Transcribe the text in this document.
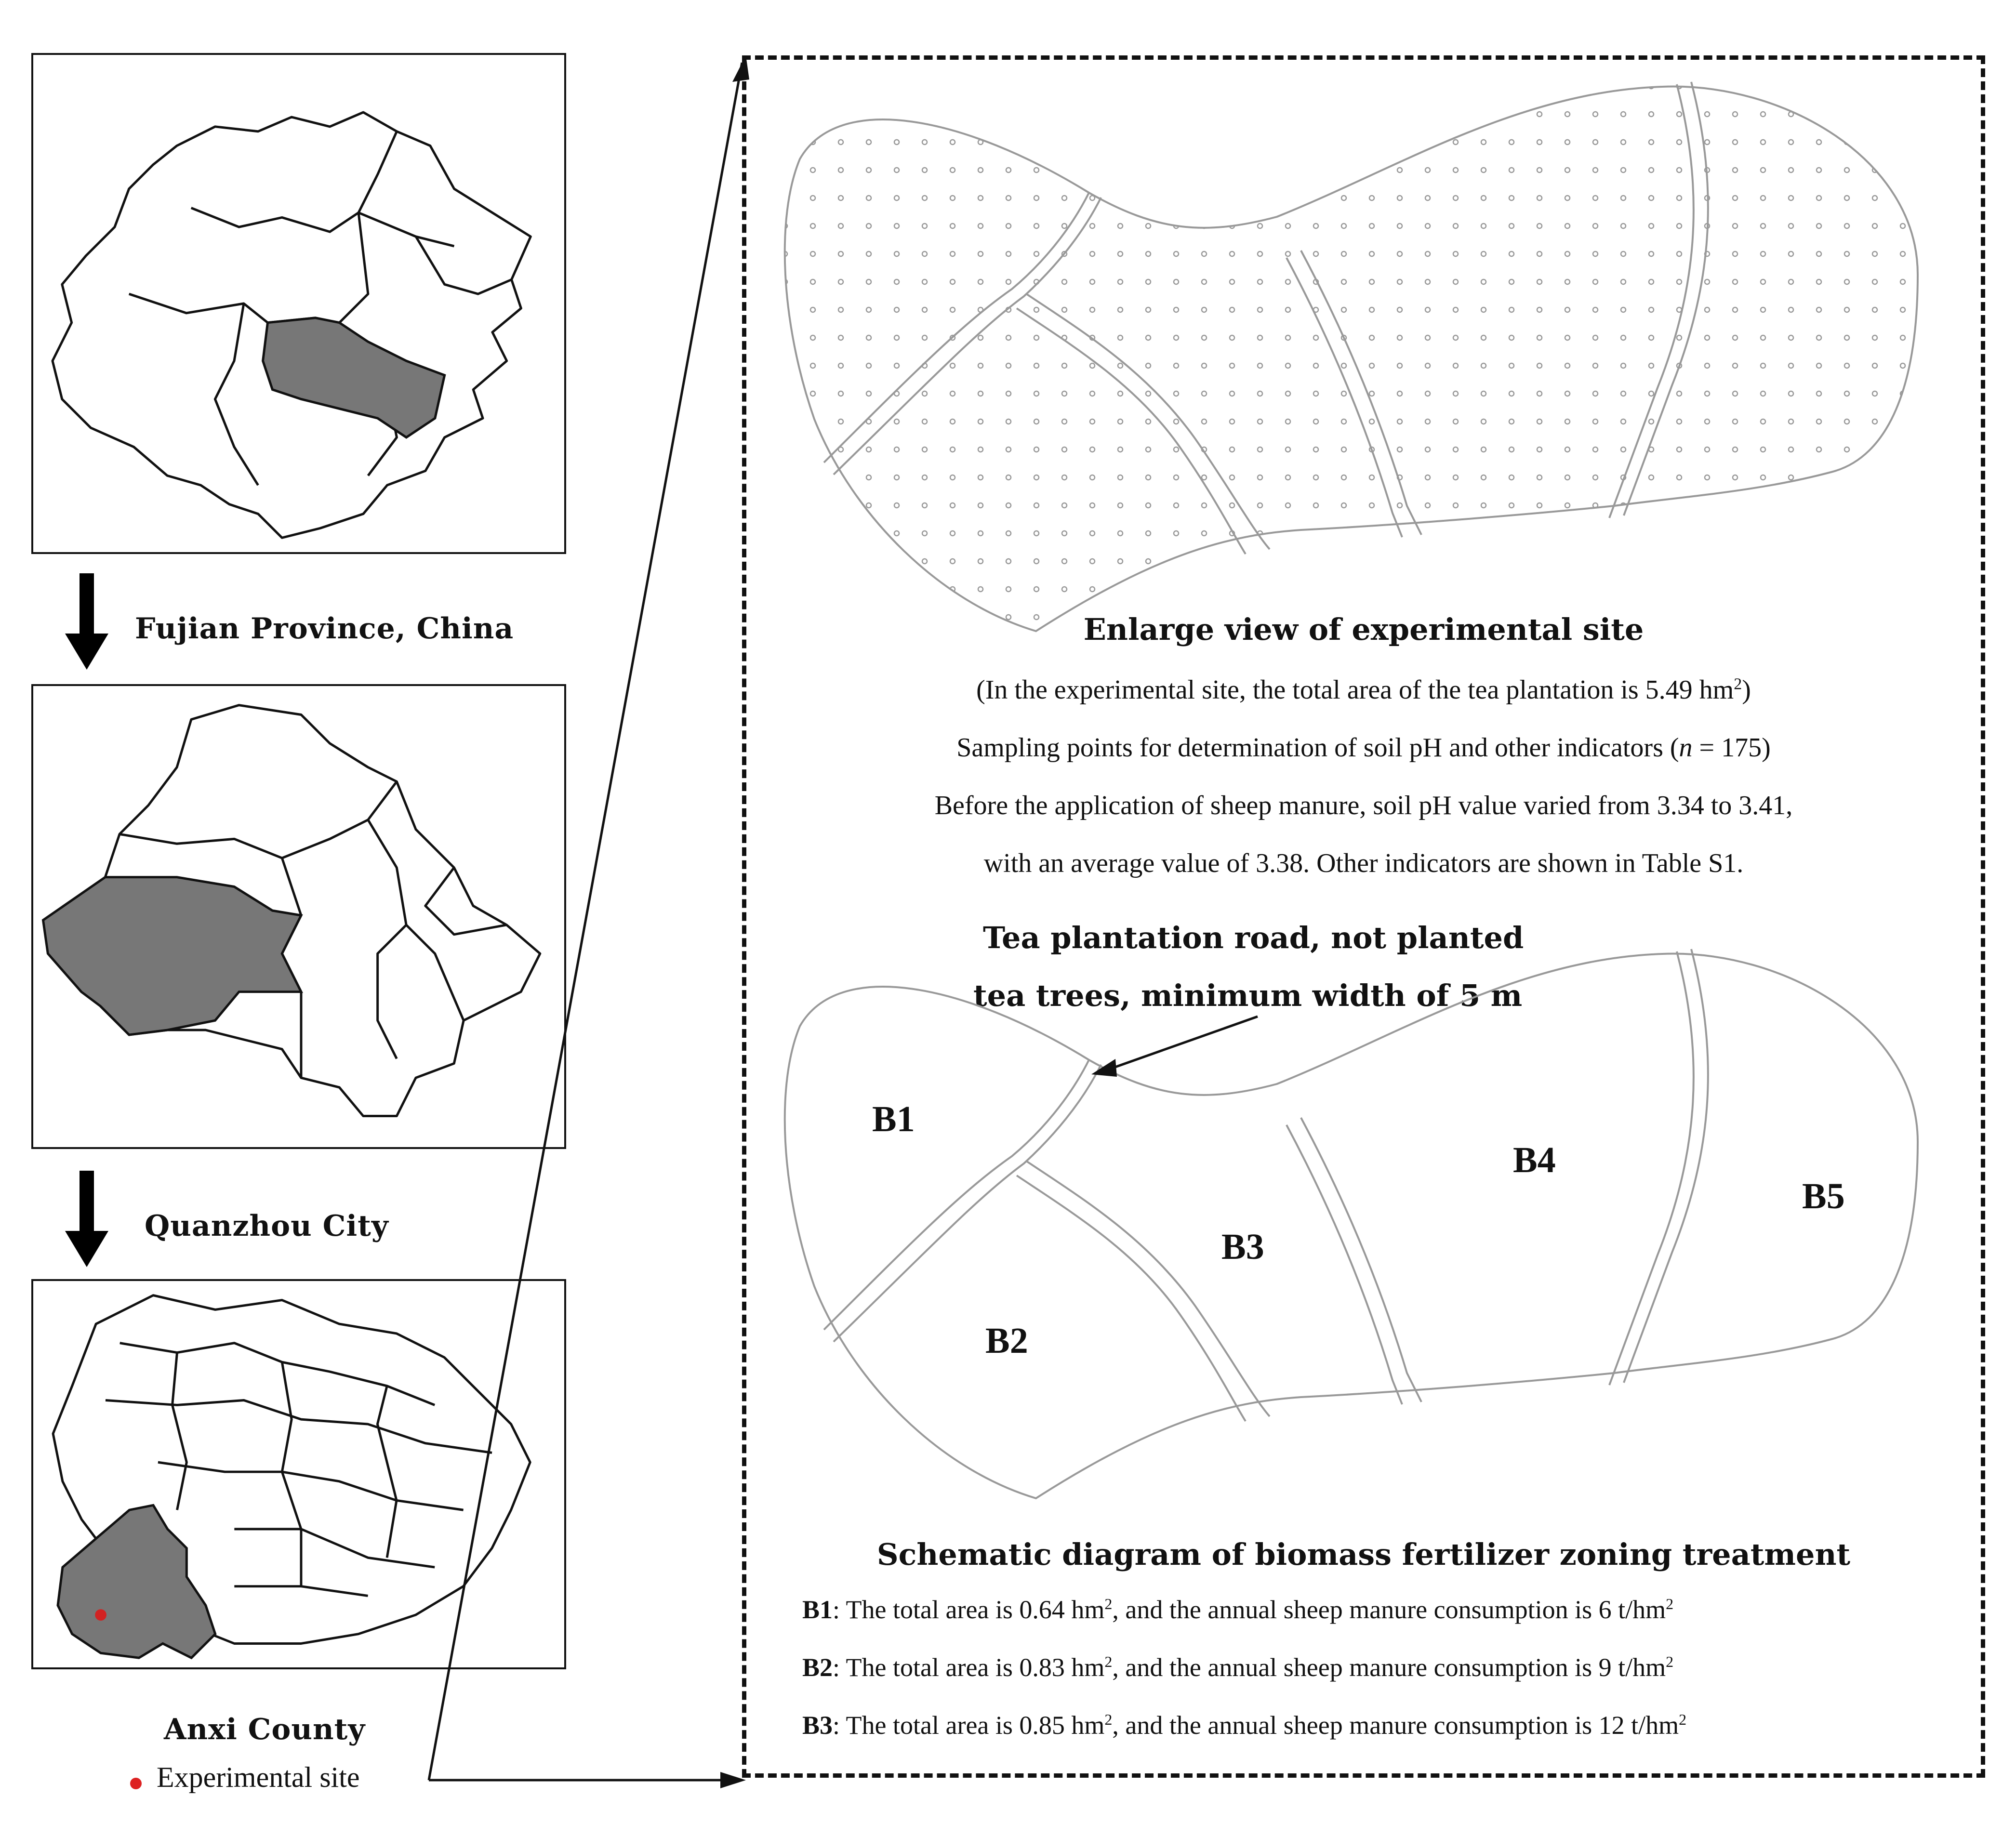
Fujian Province, China
Quanzhou City
Anxi County
Experimental site
Enlarge view of experimental site
(In the experimental site, the total area of the tea plantation is 5.49 $hm^2$)
Sampling points for determination of soil pH and other indicators (n = 175)
Before the application of sheep manure, soil pH value varied from 3.34 to 3.41,
with an average value of 3.38. Other indicators are shown in Table S1.
Tea plantation road, not planted
tea trees, minimum width of 5 m
B1
B2
B3
B4
B5
Schematic diagram of biomass fertilizer zoning treatment
B1: The total area is 0.64 $hm^2$, and the annual sheep manure consumption is 6 $t/hm^2$
B2: The total area is 0.83 $hm^2$, and the annual sheep manure consumption is 9 $t/hm^2$
B3: The total area is 0.85 $hm^2$, and the annual sheep manure consumption is 12 $t/hm^2$
